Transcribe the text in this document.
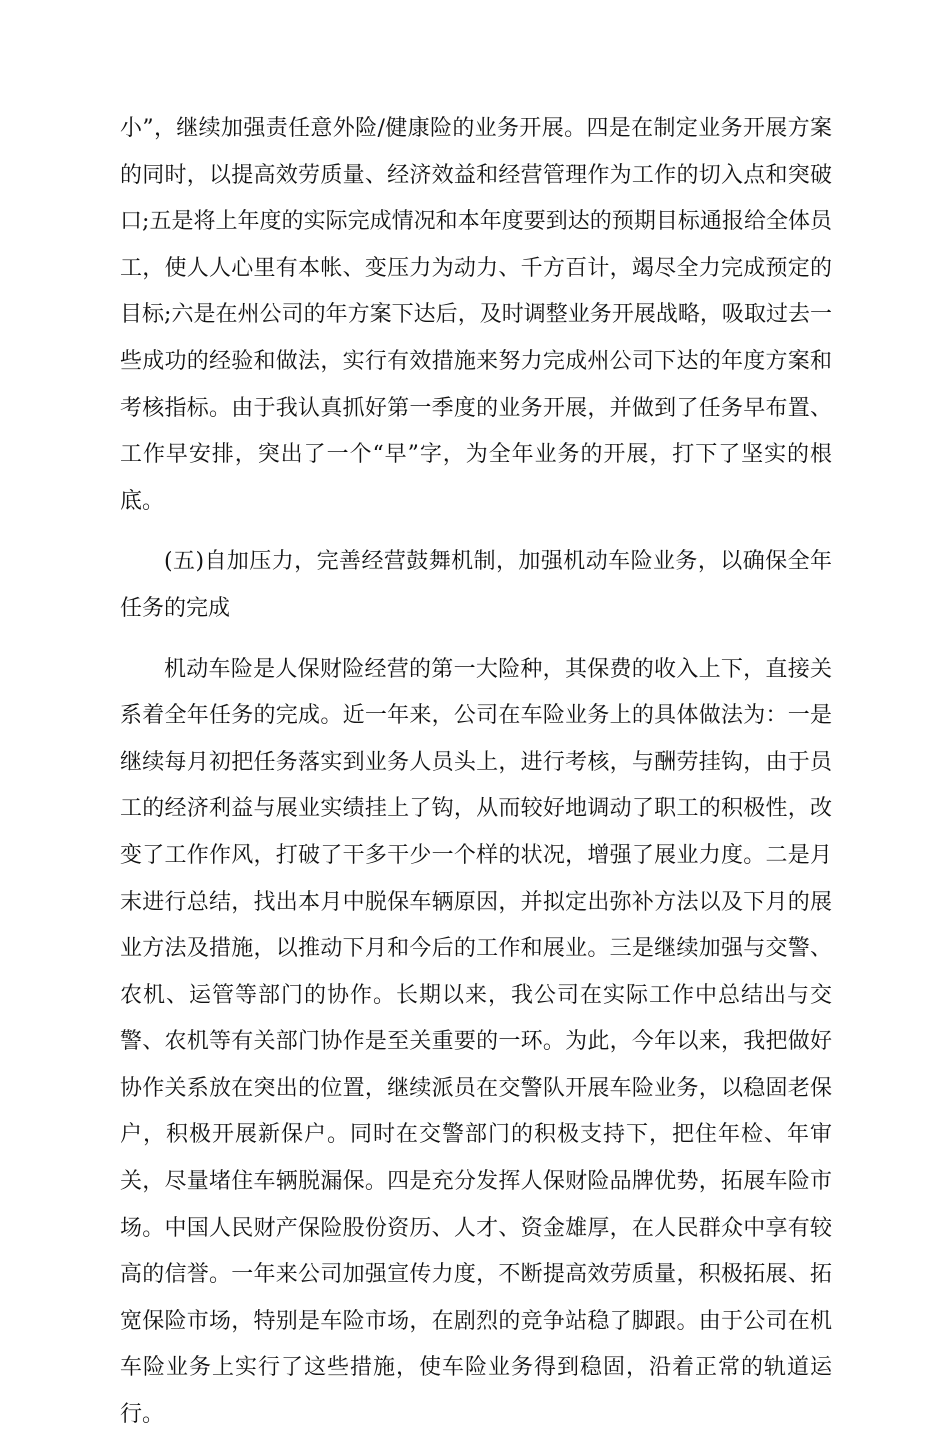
小”，继续加强责任意外险/健康险的业务开展。四是在制定业务开展方案的同时，以提高效劳质量、经济效益和经营管理作为工作的切入点和突破口;五是将上年度的实际完成情况和本年度要到达的预期目标通报给全体员工，使人人心里有本帐、变压力为动力、千方百计，竭尽全力完成预定的目标;六是在州公司的年方案下达后，及时调整业务开展战略，吸取过去一些成功的经验和做法，实行有效措施来努力完成州公司下达的年度方案和考核指标。由于我认真抓好第一季度的业务开展，并做到了任务早布置、工作早安排，突出了一个“早”字，为全年业务的开展，打下了坚实的根底。

(五)自加压力，完善经营鼓舞机制，加强机动车险业务，以确保全年任务的完成

机动车险是人保财险经营的第一大险种，其保费的收入上下，直接关系着全年任务的完成。近一年来，公司在车险业务上的具体做法为：一是继续每月初把任务落实到业务人员头上，进行考核，与酬劳挂钩，由于员工的经济利益与展业实绩挂上了钩，从而较好地调动了职工的积极性，改变了工作作风，打破了干多干少一个样的状况，增强了展业力度。二是月末进行总结，找出本月中脱保车辆原因，并拟定出弥补方法以及下月的展业方法及措施，以推动下月和今后的工作和展业。三是继续加强与交警、农机、运管等部门的协作。长期以来，我公司在实际工作中总结出与交警、农机等有关部门协作是至关重要的一环。为此，今年以来，我把做好协作关系放在突出的位置，继续派员在交警队开展车险业务，以稳固老保户，积极开展新保户。同时在交警部门的积极支持下，把住年检、年审关，尽量堵住车辆脱漏保。四是充分发挥人保财险品牌优势，拓展车险市场。中国人民财产保险股份资历、人才、资金雄厚，在人民群众中享有较高的信誉。一年来公司加强宣传力度，不断提高效劳质量，积极拓展、拓宽保险市场，特别是车险市场，在剧烈的竞争站稳了脚跟。由于公司在机车险业务上实行了这些措施，使车险业务得到稳固，沿着正常的轨道运行。
